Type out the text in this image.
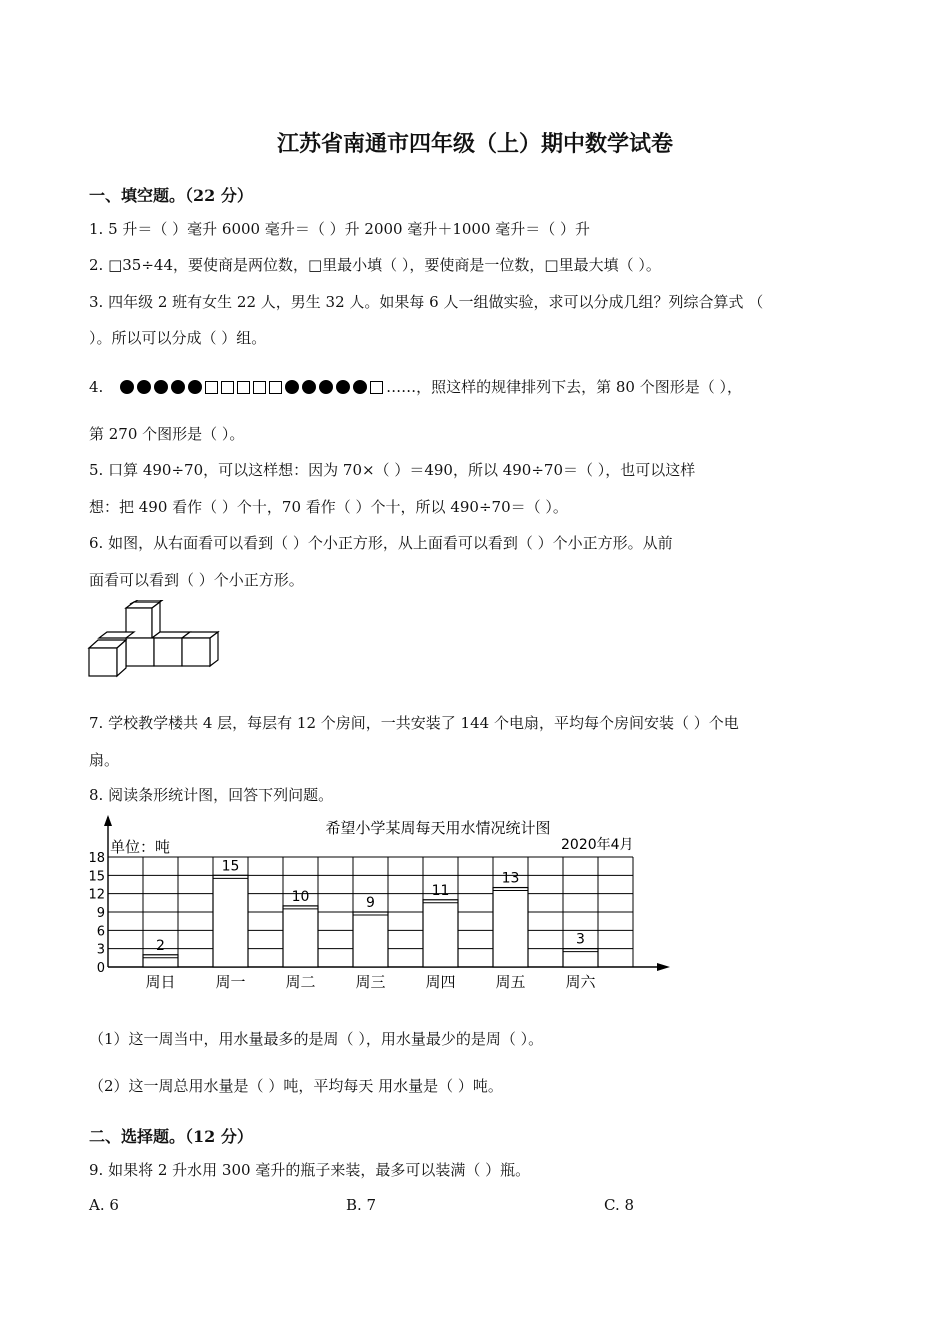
江苏省南通市四年级（上）期中数学试卷
一、填空题。（22 分）
1. 5 升＝（ ）毫升 6000 毫升＝（ ）升 2000 毫升＋1000 毫升＝（ ）升
2. □35÷44，要使商是两位数，□里最小填（ ），要使商是一位数，□里最大填（ ）。
3. 四年级 2 班有女生 22 人，男生 32 人。如果每 6 人一组做实验，求可以分成几组？列综合算式 （
）。所以可以分成（ ）组。
4.	……，照这样的规律排列下去，第 80 个图形是（ ），
第 270 个图形是（ ）。
5. 口算 490÷70，可以这样想：因为 70×（ ）＝490，所以 490÷70＝（ ），也可以这样
想：把 490 看作（ ）个十，70 看作（ ）个十，所以 490÷70＝（ ）。
6. 如图，从右面看可以看到（ ）个小正方形，从上面看可以看到（ ）个小正方形。从前
面看可以看到（ ）个小正方形。
7. 学校教学楼共 4 层，每层有 12 个房间，一共安装了 144 个电扇，平均每个房间安装（ ）个电
扇。
8. 阅读条形统计图，回答下列问题。
希望小学某周每天用水情况统计图
单位：吨	2020年4月
2
15
10	9
11
13
3
0
3
6
9
12
15
18
周日	周一	周二	周三	周四	周五	周六
（1）这一周当中，用水量最多的是周（ ），用水量最少的是周（ ）。
（2）这一周总用水量是（ ）吨，平均每天 用水量是（ ）吨。
二、选择题。（12 分）
9. 如果将 2 升水用 300 毫升的瓶子来装，最多可以装满（ ）瓶。
A. 6	B. 7	C. 8
